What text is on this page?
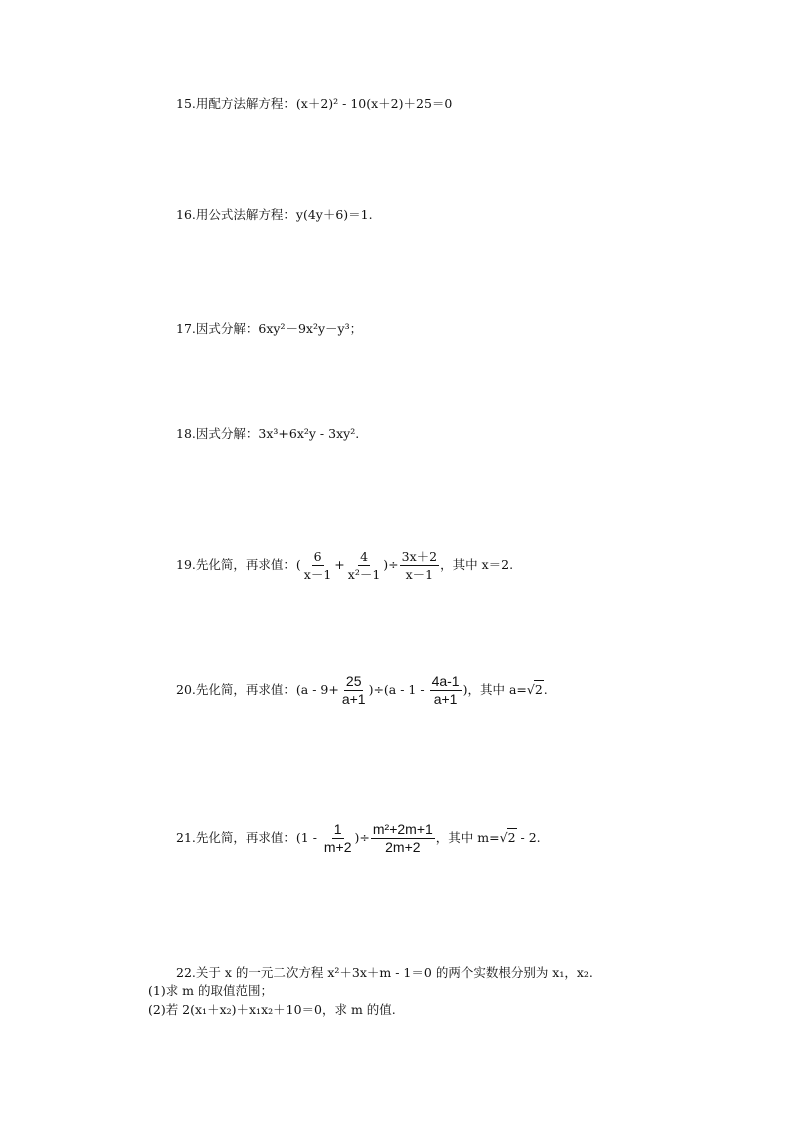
15.用配方法解方程：(x＋2)² - 10(x＋2)＋25＝0
16.用公式法解方程：y(4y＋6)＝1.
17.因式分解：6xy²－9x²y－y³；
18.因式分解：3x³+6x²y - 3xy².
19.先化简，再求值：( $\frac{6}{x-1} + \frac{4}{\text{x²－1}}$ )÷ $\frac{3x+2}{x-1}$ ，其中 x＝2.
20.先化简，再求值：$(a - 9+ \frac{25}{a+1} )\div(a - 1 - \frac{4a-1}{a+1}$ )，其中 a=√2.
21.先化简，再求值：($1 - \frac{1}{m+2}$ )÷ $\frac{\text{m²+2m+1}}{2m+2}$ ，其中 m=√2 - 2.
22.关于 x 的一元二次方程 x²＋3x＋m - 1＝0 的两个实数根分别为 x₁，x₂.
(1)求 m 的取值范围；
(2)若 2(x₁＋x₂)＋x₁x₂＋10＝0，求 m 的值.
